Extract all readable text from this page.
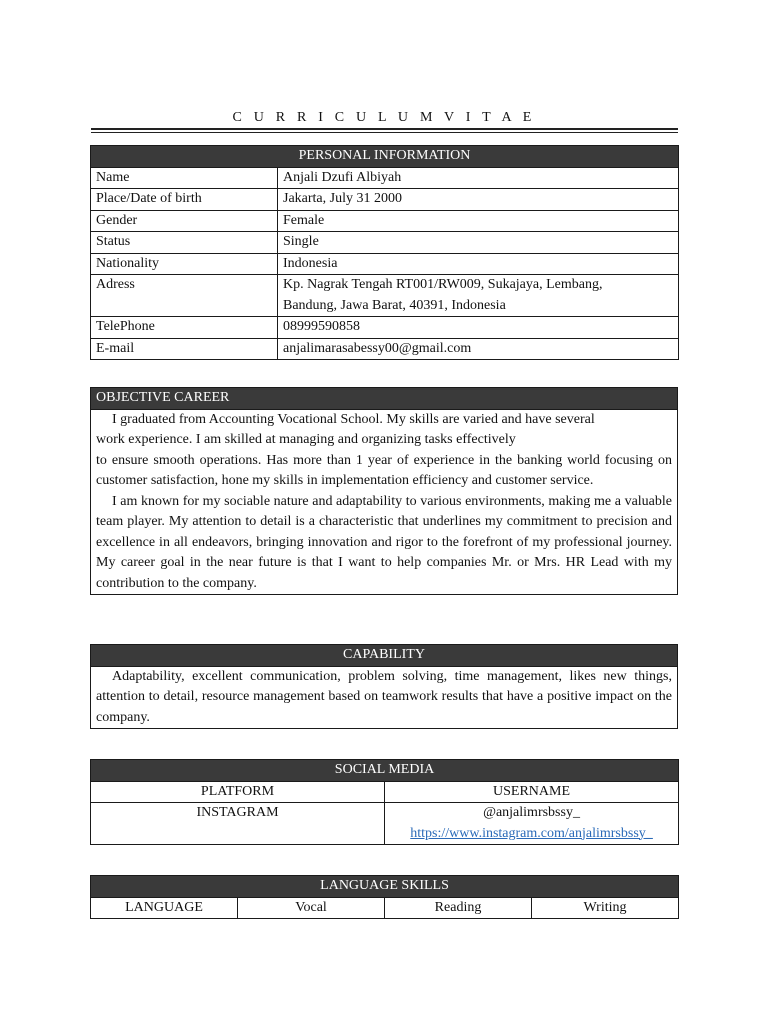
C U R R I C U L U M V I T A E
PERSONAL INFORMATION	
Name	Anjali Dzufi Albiyah
Place/Date of birth	Jakarta, July 31 2000
Gender	Female
Status	Single
Nationality	Indonesia
Adress	Kp. Nagrak Tengah RT001/RW009, Sukajaya, Lembang,
Bandung, Jawa Barat, 40391, Indonesia

TelePhone	08999590858
E-mail	anjalimarasabessy00@gmail.com
OBJECTIVE CAREER

I graduated from Accounting Vocational School. My skills are varied and have several
work experience. I am skilled at managing and organizing tasks effectively

to ensure smooth operations. Has more than 1 year of experience in the banking world focusing on customer satisfaction, hone my skills in implementation efficiency and customer service.

I am known for my sociable nature and adaptability to various environments, making me a valuable team player. My attention to detail is a characteristic that underlines my commitment to precision and excellence in all endeavors, bringing innovation and rigor to the forefront of my professional journey. My career goal in the near future is that I want to help companies Mr. or Mrs. HR Lead with my contribution to the company.

CAPABILITY

Adaptability, excellent communication, problem solving, time management, likes new things, attention to detail, resource management based on teamwork results that have a positive impact on the company.

SOCIAL MEDIA	
PLATFORM	USERNAME
INSTAGRAM	@anjalimrsbssy_
https://www.instagram.com/anjalimrsbssy_
LANGUAGE SKILLS
LANGUAGE	Vocal	Reading	Writing
